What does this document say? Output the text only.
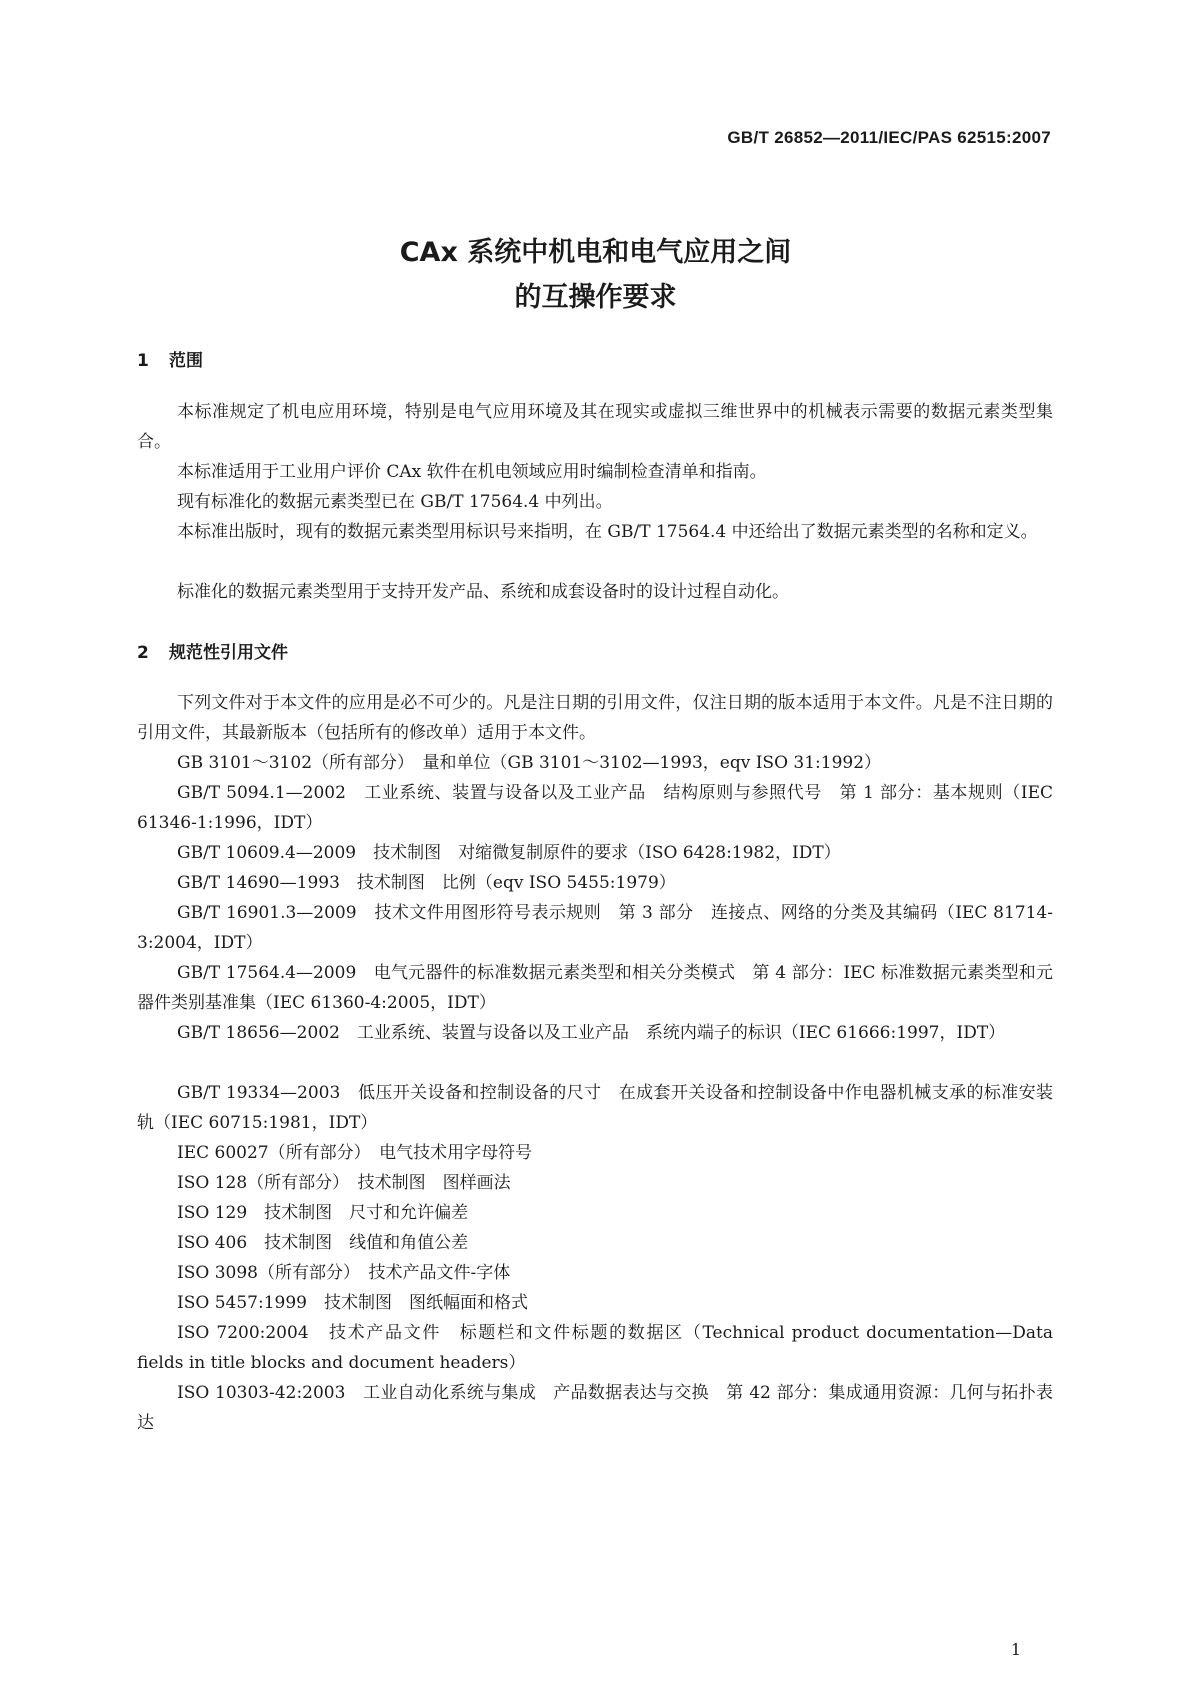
GB/T 26852—2011/IEC/PAS 62515:2007
CAx 系统中机电和电气应用之间
的互操作要求
1 范围
本标准规定了机电应用环境，特别是电气应用环境及其在现实或虚拟三维世界中的机械表示需要的数据元素类型集合。
本标准适用于工业用户评价 CAx 软件在机电领域应用时编制检查清单和指南。
现有标准化的数据元素类型已在 GB/T 17564.4 中列出。
本标准出版时，现有的数据元素类型用标识号来指明，在 GB/T 17564.4 中还给出了数据元素类型的名称和定义。
标准化的数据元素类型用于支持开发产品、系统和成套设备时的设计过程自动化。
2 规范性引用文件
下列文件对于本文件的应用是必不可少的。凡是注日期的引用文件，仅注日期的版本适用于本文件。凡是不注日期的引用文件，其最新版本（包括所有的修改单）适用于本文件。
GB 3101～3102（所有部分）　量和单位（GB 3101～3102—1993，eqv ISO 31:1992）
GB/T 5094.1—2002　工业系统、装置与设备以及工业产品　结构原则与参照代号　第 1 部分：基本规则（IEC 61346-1:1996，IDT）
GB/T 10609.4—2009　技术制图　对缩微复制原件的要求（ISO 6428:1982，IDT）
GB/T 14690—1993　技术制图　比例（eqv ISO 5455:1979）
GB/T 16901.3—2009　技术文件用图形符号表示规则　第 3 部分　连接点、网络的分类及其编码（IEC 81714-3:2004，IDT）
GB/T 17564.4—2009　电气元器件的标准数据元素类型和相关分类模式　第 4 部分：IEC 标准数据元素类型和元器件类别基准集（IEC 61360-4:2005，IDT）
GB/T 18656—2002　工业系统、装置与设备以及工业产品　系统内端子的标识（IEC 61666:1997，IDT）
GB/T 19334—2003　低压开关设备和控制设备的尺寸　在成套开关设备和控制设备中作电器机械支承的标准安装轨（IEC 60715:1981，IDT）
IEC 60027（所有部分）　电气技术用字母符号
ISO 128（所有部分）　技术制图　图样画法
ISO 129　技术制图　尺寸和允许偏差
ISO 406　技术制图　线值和角值公差
ISO 3098（所有部分）　技术产品文件-字体
ISO 5457:1999　技术制图　图纸幅面和格式
ISO 7200:2004　技术产品文件　标题栏和文件标题的数据区（Technical product documentation—Data fields in title blocks and document headers）
ISO 10303-42:2003　工业自动化系统与集成　产品数据表达与交换　第 42 部分：集成通用资源：几何与拓扑表达
1
